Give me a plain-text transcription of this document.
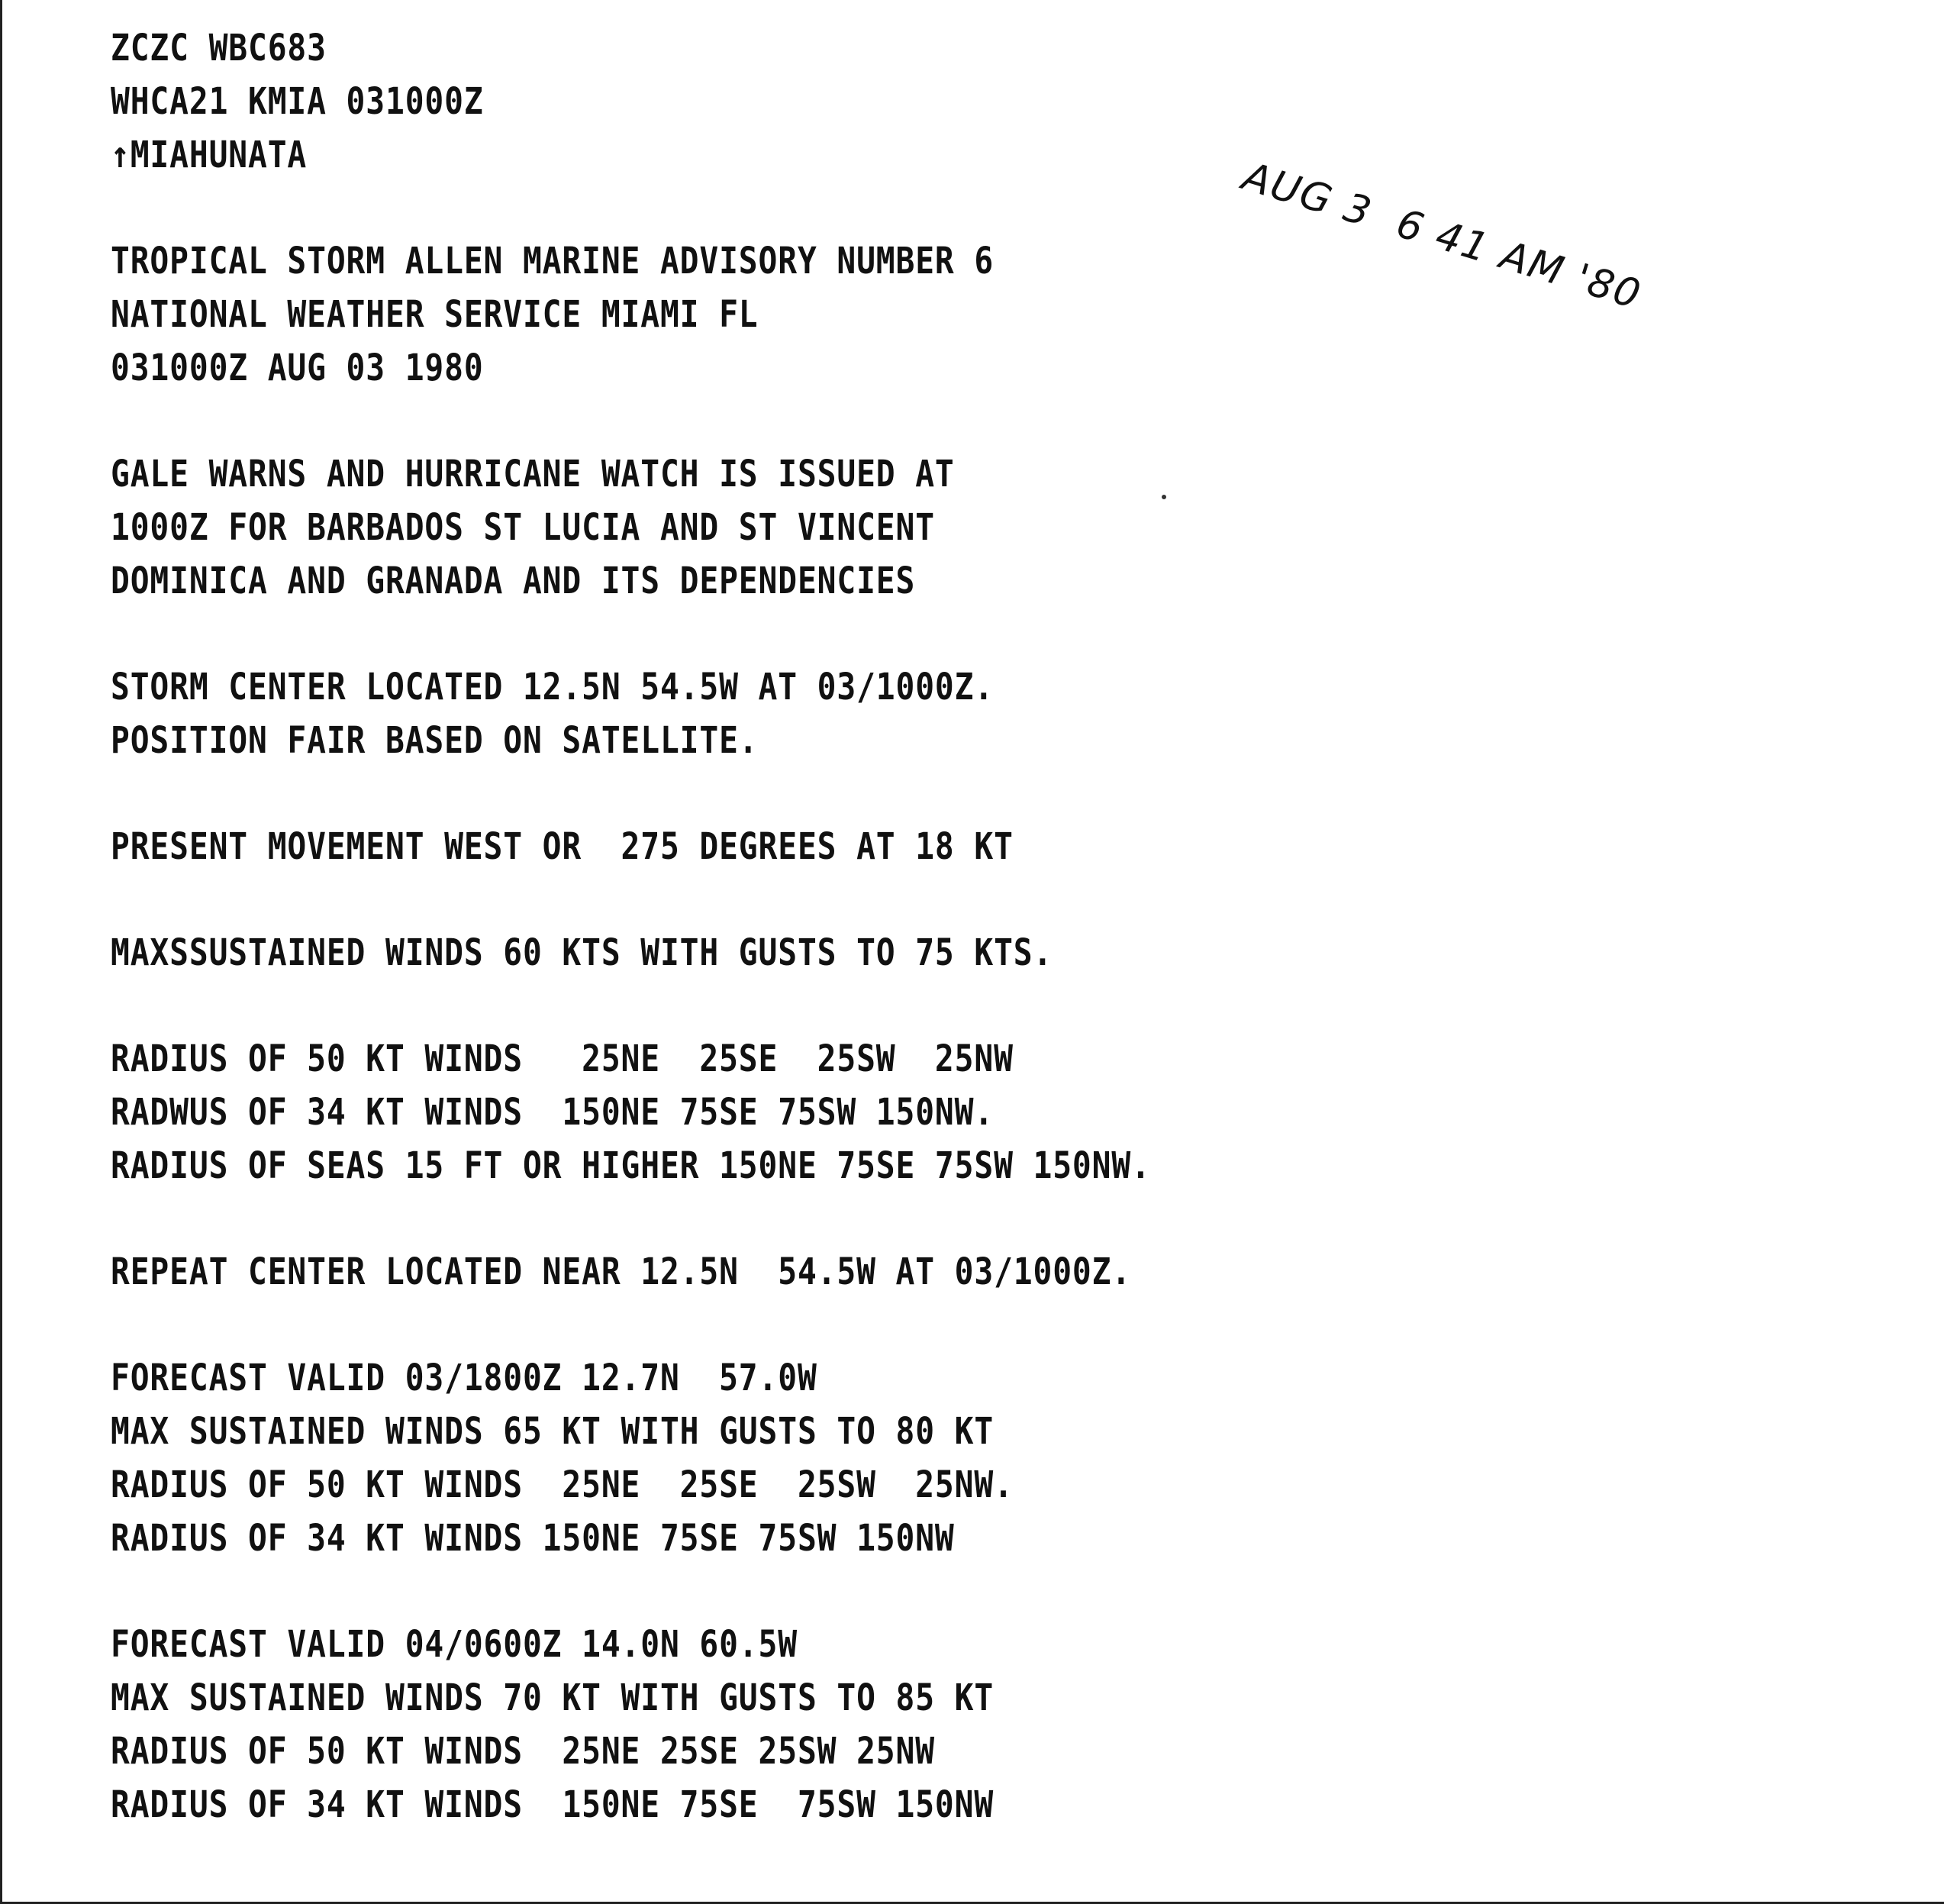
AUG 3  6 41 AM '80
ZCZC WBC683
WHCA21 KMIA 031000Z
↑MIAHUNATA
TROPICAL STORM ALLEN MARINE ADVISORY NUMBER 6
NATIONAL WEATHER SERVICE MIAMI FL
031000Z AUG 03 1980
GALE WARNS AND HURRICANE WATCH IS ISSUED AT
1000Z FOR BARBADOS ST LUCIA AND ST VINCENT
DOMINICA AND GRANADA AND ITS DEPENDENCIES
STORM CENTER LOCATED 12.5N 54.5W AT 03/1000Z.
POSITION FAIR BASED ON SATELLITE.
PRESENT MOVEMENT WEST OR  275 DEGREES AT 18 KT
MAXSSUSTAINED WINDS 60 KTS WITH GUSTS TO 75 KTS.
RADIUS OF 50 KT WINDS   25NE  25SE  25SW  25NW
RADWUS OF 34 KT WINDS  150NE 75SE 75SW 150NW.
RADIUS OF SEAS 15 FT OR HIGHER 150NE 75SE 75SW 150NW.
REPEAT CENTER LOCATED NEAR 12.5N  54.5W AT 03/1000Z.
FORECAST VALID 03/1800Z 12.7N  57.0W
MAX SUSTAINED WINDS 65 KT WITH GUSTS TO 80 KT
RADIUS OF 50 KT WINDS  25NE  25SE  25SW  25NW.
RADIUS OF 34 KT WINDS 150NE 75SE 75SW 150NW
FORECAST VALID 04/0600Z 14.0N 60.5W
MAX SUSTAINED WINDS 70 KT WITH GUSTS TO 85 KT
RADIUS OF 50 KT WINDS  25NE 25SE 25SW 25NW
RADIUS OF 34 KT WINDS  150NE 75SE  75SW 150NW
